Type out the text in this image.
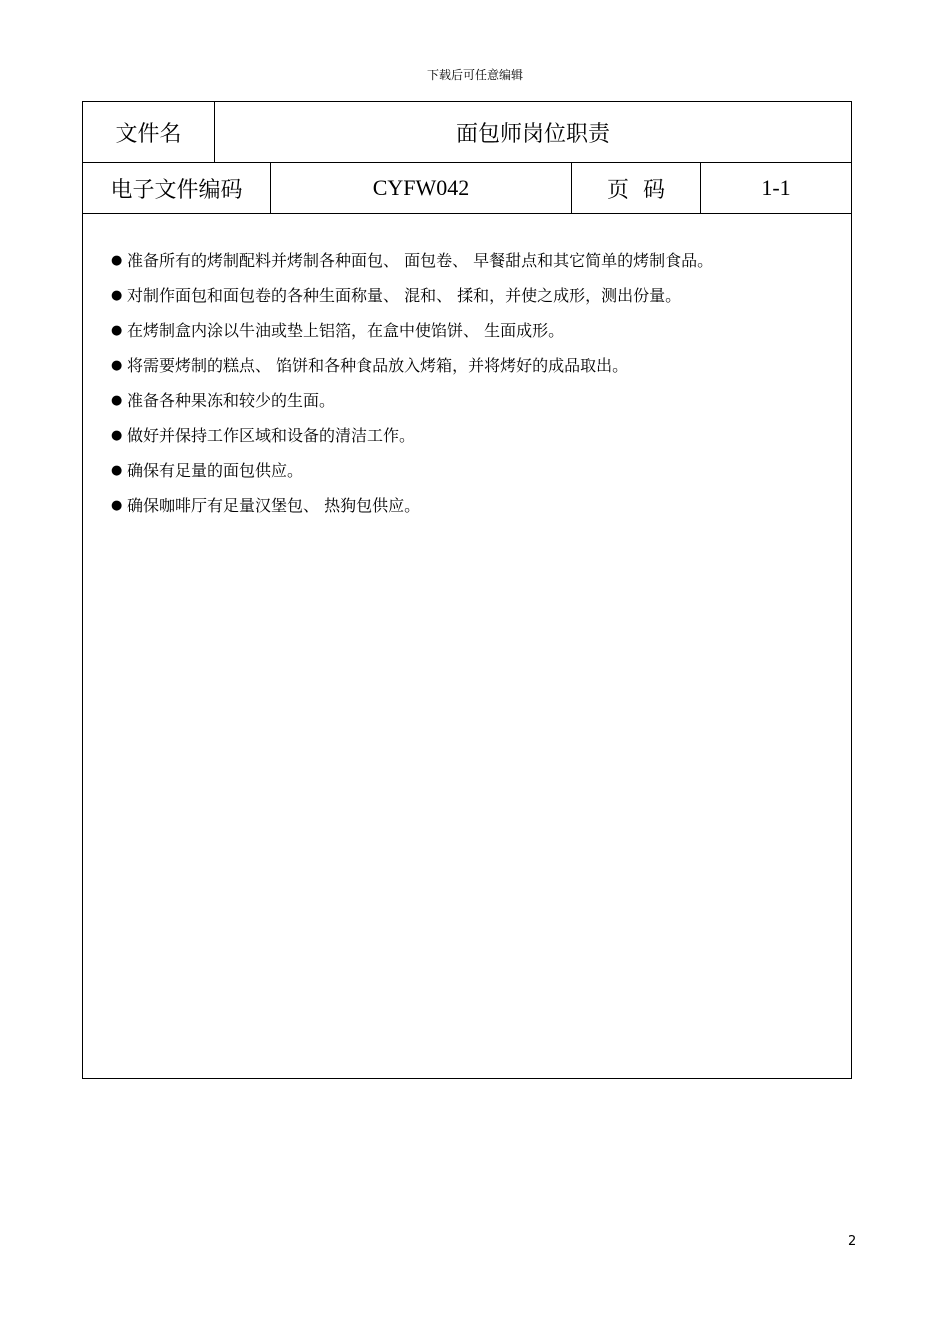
下载后可任意编辑
文件名	面包师岗位职责
电子文件编码	CYFW042	页  码	1-1
● 准备所有的烤制配料并烤制各种面包、 面包卷、 早餐甜点和其它简单的烤制食品。
● 对制作面包和面包卷的各种生面称量、 混和、 揉和，并使之成形，测出份量。
● 在烤制盒内涂以牛油或垫上铝箔，在盒中使馅饼、 生面成形。
● 将需要烤制的糕点、 馅饼和各种食品放入烤箱，并将烤好的成品取出。
● 准备各种果冻和较少的生面。
● 做好并保持工作区域和设备的清洁工作。
● 确保有足量的面包供应。
● 确保咖啡厅有足量汉堡包、 热狗包供应。
2
